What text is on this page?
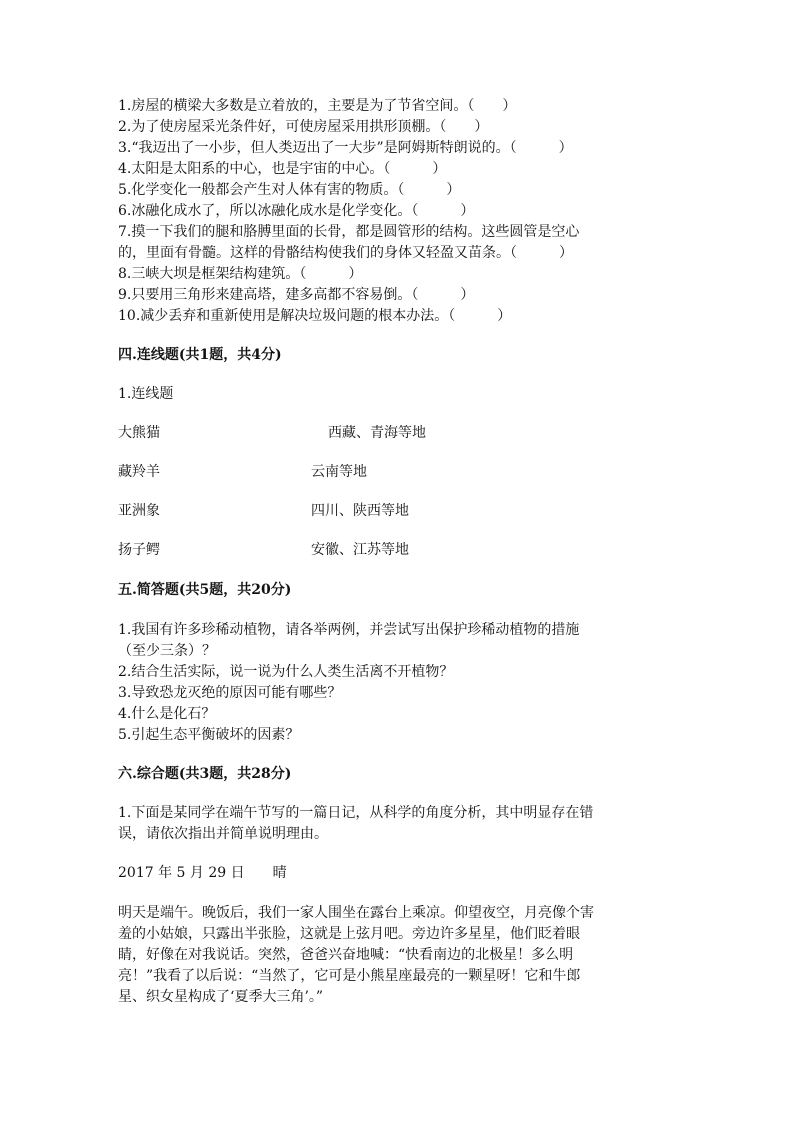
1.房屋的横梁大多数是立着放的，主要是为了节省空间。（　　）
2.为了使房屋采光条件好，可使房屋采用拱形顶棚。（　　）
3.“我迈出了一小步，但人类迈出了一大步”是阿姆斯特朗说的。（　　　）
4.太阳是太阳系的中心，也是宇宙的中心。（　　　）
5.化学变化一般都会产生对人体有害的物质。（　　　）
6.冰融化成水了，所以冰融化成水是化学变化。（　　　）
7.摸一下我们的腿和胳膊里面的长骨，都是圆管形的结构。这些圆管是空心
的，里面有骨髓。这样的骨骼结构使我们的身体又轻盈又苗条。（　　　）
8.三峡大坝是框架结构建筑。（　　　）
9.只要用三角形来建高塔，建多高都不容易倒。（　　　）
10.减少丢弃和重新使用是解决垃圾问题的根本办法。（　　　）
四.连线题(共1题，共4分)
1.连线题
大熊猫	西藏、青海等地
藏羚羊	云南等地
亚洲象	四川、陕西等地
扬子鳄	安徽、江苏等地
五.简答题(共5题，共20分)
1.我国有许多珍稀动植物，请各举两例，并尝试写出保护珍稀动植物的措施
（至少三条）？
2.结合生活实际，说一说为什么人类生活离不开植物？
3.导致恐龙灭绝的原因可能有哪些？
4.什么是化石？
5.引起生态平衡破坏的因素？
六.综合题(共3题，共28分)
1.下面是某同学在端午节写的一篇日记，从科学的角度分析，其中明显存在错
误，请依次指出并简单说明理由。
2017 年 5 月 29 日　　晴
明天是端午。晚饭后，我们一家人围坐在露台上乘凉。仰望夜空，月亮像个害
羞的小姑娘，只露出半张脸，这就是上弦月吧。旁边许多星星，他们眨着眼
睛，好像在对我说话。突然，爸爸兴奋地喊：“快看南边的北极星！多么明
亮！”我看了以后说：“当然了，它可是小熊星座最亮的一颗星呀！它和牛郎
星、织女星构成了‘夏季大三角’。”
